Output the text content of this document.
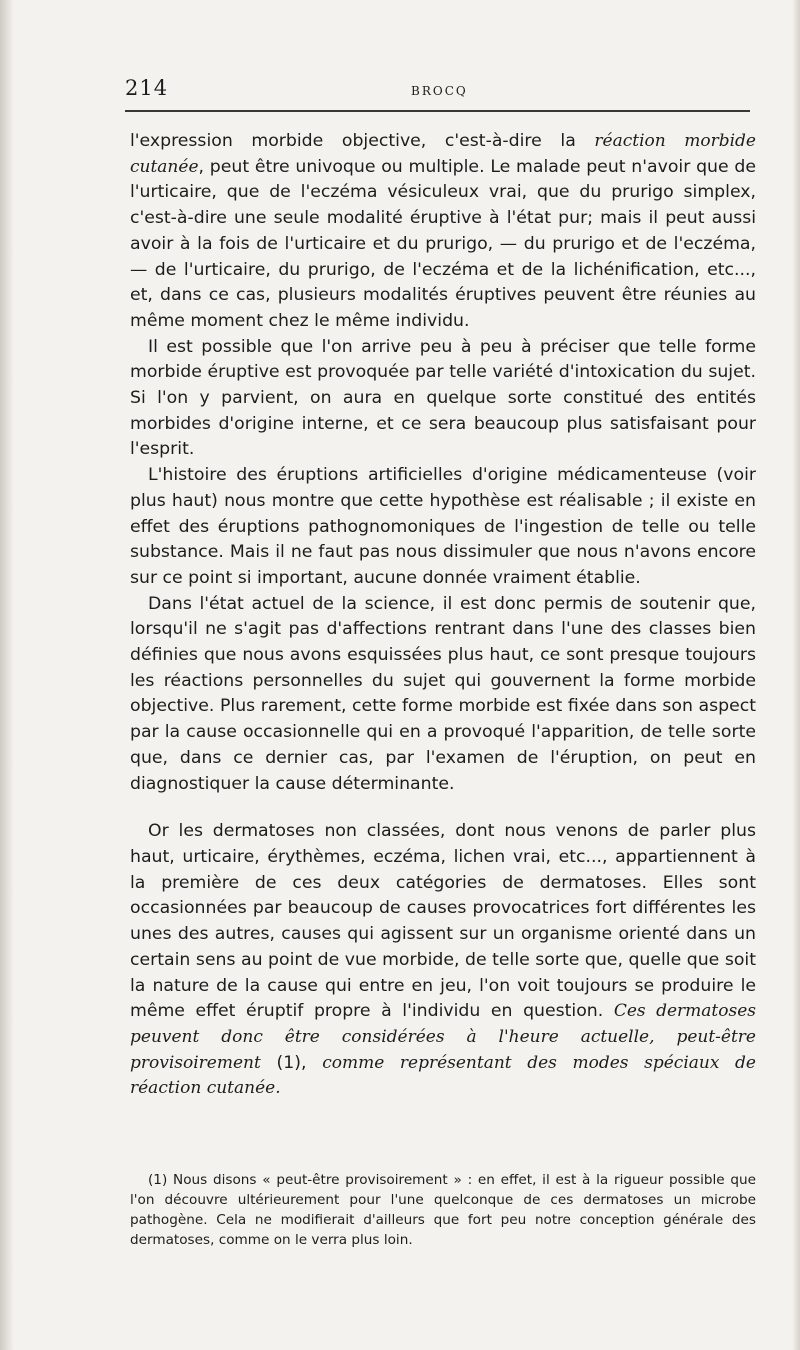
214	BROCQ

l'expression morbide objective, c'est-à-dire la réaction morbide cutanée, peut être univoque ou multiple. Le malade peut n'avoir que de l'urticaire, que de l'eczéma vésiculeux vrai, que du prurigo simplex, c'est-à-dire une seule modalité éruptive à l'état pur; mais il peut aussi avoir à la fois de l'urticaire et du prurigo, — du prurigo et de l'eczéma, — de l'urticaire, du prurigo, de l'eczéma et de la lichénification, etc..., et, dans ce cas, plusieurs modalités éruptives peuvent être réunies au même moment chez le même individu.

Il est possible que l'on arrive peu à peu à préciser que telle forme morbide éruptive est provoquée par telle variété d'intoxication du sujet. Si l'on y parvient, on aura en quelque sorte constitué des entités morbides d'origine interne, et ce sera beaucoup plus satisfaisant pour l'esprit.

L'histoire des éruptions artificielles d'origine médicamenteuse (voir plus haut) nous montre que cette hypothèse est réalisable ; il existe en effet des éruptions pathognomoniques de l'ingestion de telle ou telle substance. Mais il ne faut pas nous dissimuler que nous n'avons encore sur ce point si important, aucune donnée vraiment établie.

Dans l'état actuel de la science, il est donc permis de soutenir que, lorsqu'il ne s'agit pas d'affections rentrant dans l'une des classes bien définies que nous avons esquissées plus haut, ce sont presque toujours les réactions personnelles du sujet qui gouvernent la forme morbide objective. Plus rarement, cette forme morbide est fixée dans son aspect par la cause occasionnelle qui en a provoqué l'apparition, de telle sorte que, dans ce dernier cas, par l'examen de l'éruption, on peut en diagnostiquer la cause déterminante.

Or les dermatoses non classées, dont nous venons de parler plus haut, urticaire, érythèmes, eczéma, lichen vrai, etc..., appartiennent à la première de ces deux catégories de dermatoses. Elles sont occasionnées par beaucoup de causes provocatrices fort différentes les unes des autres, causes qui agissent sur un organisme orienté dans un certain sens au point de vue morbide, de telle sorte que, quelle que soit la nature de la cause qui entre en jeu, l'on voit toujours se produire le même effet éruptif propre à l'individu en question. Ces dermatoses peuvent donc être considérées à l'heure actuelle, peut-être provisoirement (1), comme représentant des modes spéciaux de réaction cutanée.

(1) Nous disons « peut-être provisoirement » : en effet, il est à la rigueur possible que l'on découvre ultérieurement pour l'une quelconque de ces dermatoses un microbe pathogène. Cela ne modifierait d'ailleurs que fort peu notre conception générale des dermatoses, comme on le verra plus loin.
